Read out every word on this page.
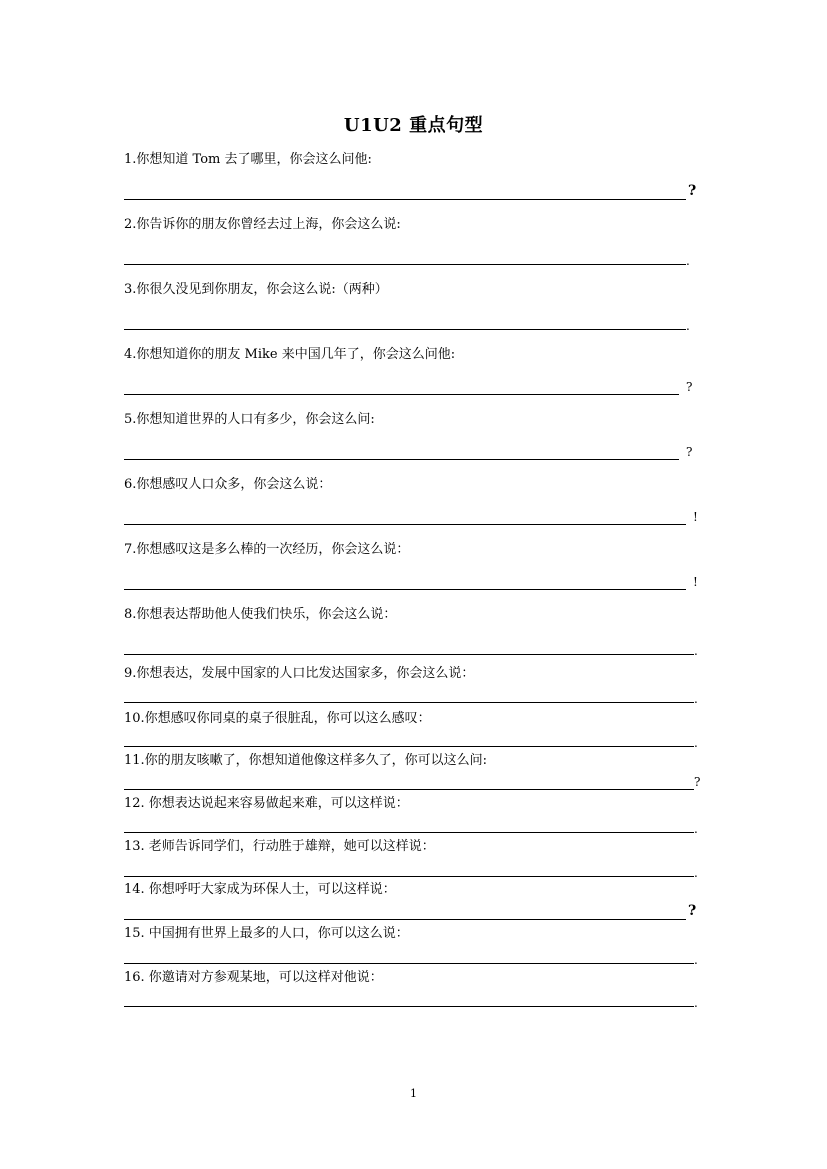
U1U2 重点句型
1.你想知道 Tom 去了哪里，你会这么问他:
?
2.你告诉你的朋友你曾经去过上海，你会这么说:
.
3.你很久没见到你朋友，你会这么说:（两种）
.
4.你想知道你的朋友 Mike 来中国几年了，你会这么问他:
?
5.你想知道世界的人口有多少，你会这么问:
?
6.你想感叹人口众多，你会这么说：
!
7.你想感叹这是多么棒的一次经历，你会这么说：
!
8.你想表达帮助他人使我们快乐，你会这么说：
.
9.你想表达，发展中国家的人口比发达国家多，你会这么说：
.
10.你想感叹你同桌的桌子很脏乱，你可以这么感叹：
.
11.你的朋友咳嗽了，你想知道他像这样多久了，你可以这么问:
?
12. 你想表达说起来容易做起来难，可以这样说：
.
13. 老师告诉同学们，行动胜于雄辩，她可以这样说：
.
14. 你想呼吁大家成为环保人士，可以这样说：
?
15. 中国拥有世界上最多的人口，你可以这么说：
.
16. 你邀请对方参观某地，可以这样对他说：
.
1
